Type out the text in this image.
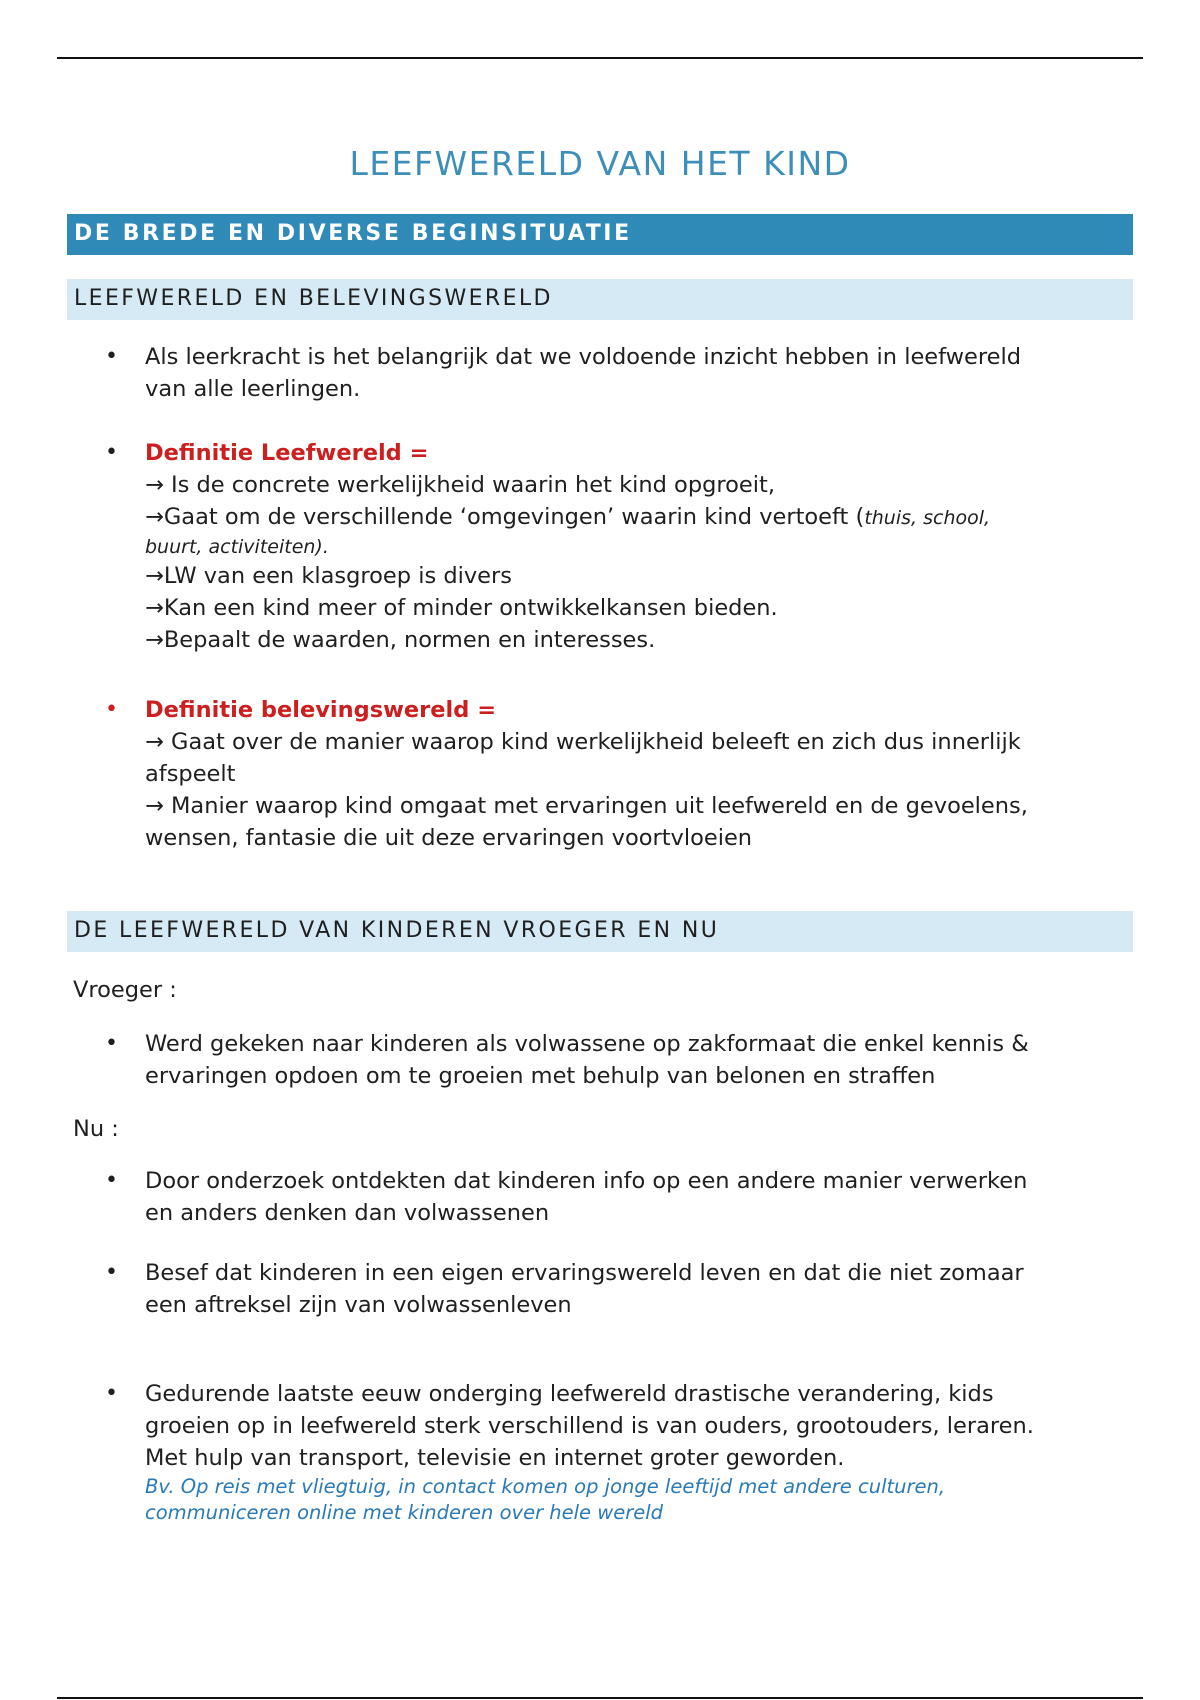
LEEFWERELD VAN HET KIND
DE BREDE EN DIVERSE BEGINSITUATIE
LEEFWERELD EN BELEVINGSWERELD
• Als leerkracht is het belangrijk dat we voldoende inzicht hebben in leefwereld
van alle leerlingen.
• Definitie Leefwereld =
→ Is de concrete werkelijkheid waarin het kind opgroeit,
→Gaat om de verschillende ‘omgevingen’ waarin kind vertoeft (thuis, school,
buurt, activiteiten).
→LW van een klasgroep is divers
→Kan een kind meer of minder ontwikkelkansen bieden.
→Bepaalt de waarden, normen en interesses.
• Definitie belevingswereld =
→ Gaat over de manier waarop kind werkelijkheid beleeft en zich dus innerlijk
afspeelt
→ Manier waarop kind omgaat met ervaringen uit leefwereld en de gevoelens,
wensen, fantasie die uit deze ervaringen voortvloeien
DE LEEFWERELD VAN KINDEREN VROEGER EN NU
Vroeger :
• Werd gekeken naar kinderen als volwassene op zakformaat die enkel kennis &
ervaringen opdoen om te groeien met behulp van belonen en straffen
Nu :
• Door onderzoek ontdekten dat kinderen info op een andere manier verwerken
en anders denken dan volwassenen
• Besef dat kinderen in een eigen ervaringswereld leven en dat die niet zomaar
een aftreksel zijn van volwassenleven
• Gedurende laatste eeuw onderging leefwereld drastische verandering, kids
groeien op in leefwereld sterk verschillend is van ouders, grootouders, leraren.
Met hulp van transport, televisie en internet groter geworden.
Bv. Op reis met vliegtuig, in contact komen op jonge leeftijd met andere culturen,
communiceren online met kinderen over hele wereld
